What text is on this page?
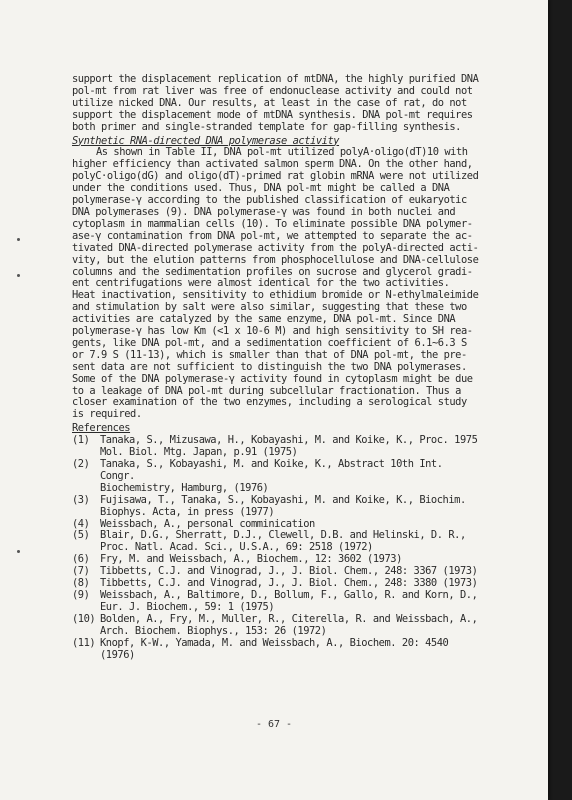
support the displacement replication of mtDNA, the highly purified DNA
pol-mt from rat liver was free of endonuclease activity and could not
utilize nicked DNA. Our results, at least in the case of rat, do not
support the displacement mode of mtDNA synthesis. DNA pol-mt requires
both primer and single-stranded template for gap-filling synthesis.

Synthetic RNA-directed DNA polymerase activity

As shown in Table II, DNA pol-mt utilized polyA·oligo(dT)10 with
higher efficiency than activated salmon sperm DNA. On the other hand,
polyC·oligo(dG) and oligo(dT)-primed rat globin mRNA were not utilized
under the conditions used. Thus, DNA pol-mt might be called a DNA
polymerase-γ according to the published classification of eukaryotic
DNA polymerases (9). DNA polymerase-γ was found in both nuclei and
cytoplasm in mammalian cells (10). To eliminate possible DNA polymer-
ase-γ contamination from DNA pol-mt, we attempted to separate the ac-
tivated DNA-directed polymerase activity from the polyA-directed acti-
vity, but the elution patterns from phosphocellulose and DNA-cellulose
columns and the sedimentation profiles on sucrose and glycerol gradi-
ent centrifugations were almost identical for the two activities.
Heat inactivation, sensitivity to ethidium bromide or N-ethylmaleimide
and stimulation by salt were also similar, suggesting that these two
activities are catalyzed by the same enzyme, DNA pol-mt. Since DNA
polymerase-γ has low Km (<1 x 10-6 M) and high sensitivity to SH rea-
gents, like DNA pol-mt, and a sedimentation coefficient of 6.1~6.3 S
or 7.9 S (11-13), which is smaller than that of DNA pol-mt, the pre-
sent data are not sufficient to distinguish the two DNA polymerases.
Some of the DNA polymerase-γ activity found in cytoplasm might be due
to a leakage of DNA pol-mt during subcellular fractionation. Thus a
closer examination of the two enzymes, including a serological study
is required.

References

(1)	Tanaka, S., Mizusawa, H., Kobayashi, M. and Koike, K., Proc. 1975
Mol. Biol. Mtg. Japan, p.91 (1975)
(2)	Tanaka, S., Kobayashi, M. and Koike, K., Abstract 10th Int. Congr.
Biochemistry, Hamburg, (1976)
(3)	Fujisawa, T., Tanaka, S., Kobayashi, M. and Koike, K., Biochim.
Biophys. Acta, in press (1977)
(4)	Weissbach, A., personal comminication
(5)	Blair, D.G., Sherratt, D.J., Clewell, D.B. and Helinski, D. R.,
Proc. Natl. Acad. Sci., U.S.A., 69: 2518 (1972)
(6)	Fry, M. and Weissbach, A., Biochem., 12: 3602 (1973)
(7)	Tibbetts, C.J. and Vinograd, J., J. Biol. Chem., 248: 3367 (1973)
(8)	Tibbetts, C.J. and Vinograd, J., J. Biol. Chem., 248: 3380 (1973)
(9)	Weissbach, A., Baltimore, D., Bollum, F., Gallo, R. and Korn, D.,
Eur. J. Biochem., 59: 1 (1975)
(10) Bolden, A., Fry, M., Muller, R., Citerella, R. and Weissbach, A.,
Arch. Biochem. Biophys., 153: 26 (1972)
(11) Knopf, K-W., Yamada, M. and Weissbach, A., Biochem. 20: 4540
(1976)
- 67 -
